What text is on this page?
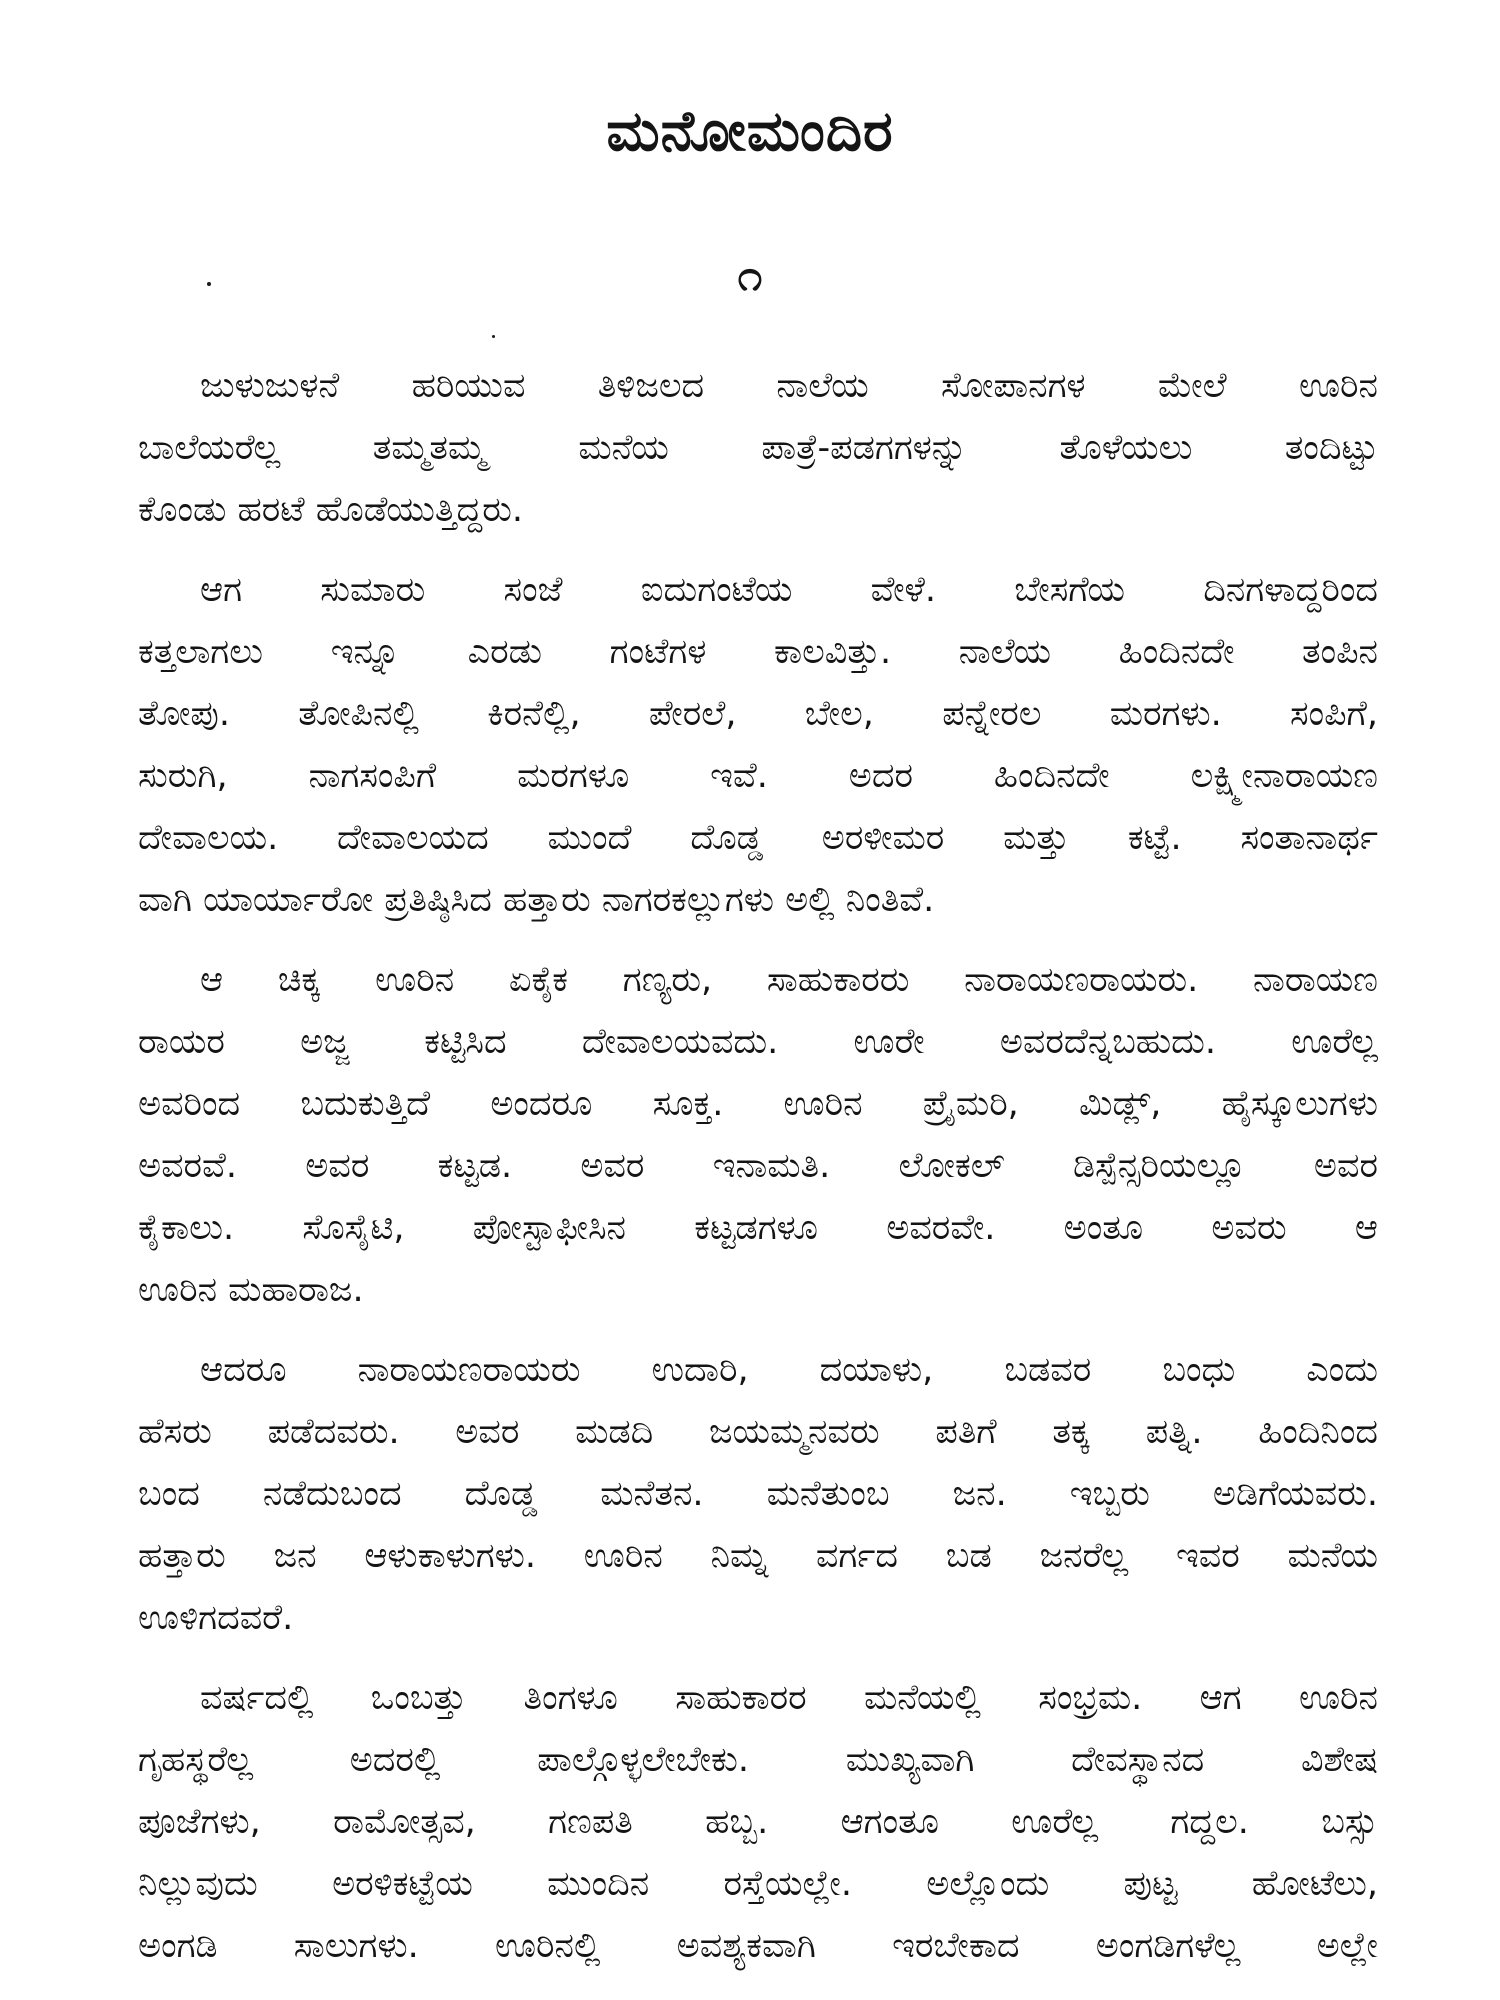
ಮನೋಮಂದಿರ
೧
ಜುಳುಜುಳನೆ ಹರಿಯುವ ತಿಳಿಜಲದ ನಾಲೆಯ ಸೋಪಾನಗಳ ಮೇಲೆ ಊರಿನ
ಬಾಲೆಯರೆಲ್ಲ ತಮ್ಮತಮ್ಮ ಮನೆಯ ಪಾತ್ರೆ-ಪಡಗಗಳನ್ನು ತೊಳೆಯಲು ತಂದಿಟ್ಟು
ಕೊಂಡು ಹರಟೆ ಹೊಡೆಯುತ್ತಿದ್ದರು.
ಆಗ ಸುಮಾರು ಸಂಜೆ ಐದುಗಂಟೆಯ ವೇಳೆ. ಬೇಸಗೆಯ ದಿನಗಳಾದ್ದರಿಂದ
ಕತ್ತಲಾಗಲು ಇನ್ನೂ ಎರಡು ಗಂಟೆಗಳ ಕಾಲವಿತ್ತು. ನಾಲೆಯ ಹಿಂದಿನದೇ ತಂಪಿನ
ತೋಪು. ತೋಪಿನಲ್ಲಿ ಕಿರನೆಲ್ಲಿ, ಪೇರಲೆ, ಬೇಲ, ಪನ್ನೇರಲ ಮರಗಳು. ಸಂಪಿಗೆ,
ಸುರುಗಿ, ನಾಗಸಂಪಿಗೆ ಮರಗಳೂ ಇವೆ. ಅದರ ಹಿಂದಿನದೇ ಲಕ್ಷ್ಮೀನಾರಾಯಣ
ದೇವಾಲಯ. ದೇವಾಲಯದ ಮುಂದೆ ದೊಡ್ಡ ಅರಳೀಮರ ಮತ್ತು ಕಟ್ಟೆ. ಸಂತಾನಾರ್ಥ
ವಾಗಿ ಯಾರ್ಯಾರೋ ಪ್ರತಿಷ್ಠಿಸಿದ ಹತ್ತಾರು ನಾಗರಕಲ್ಲುಗಳು ಅಲ್ಲಿ ನಿಂತಿವೆ.
ಆ ಚಿಕ್ಕ ಊರಿನ ಏಕೈಕ ಗಣ್ಯರು, ಸಾಹುಕಾರರು ನಾರಾಯಣರಾಯರು. ನಾರಾಯಣ
ರಾಯರ ಅಜ್ಜ ಕಟ್ಟಿಸಿದ ದೇವಾಲಯವದು. ಊರೇ ಅವರದೆನ್ನಬಹುದು. ಊರೆಲ್ಲ
ಅವರಿಂದ ಬದುಕುತ್ತಿದೆ ಅಂದರೂ ಸೂಕ್ತ. ಊರಿನ ಪ್ರೈಮರಿ, ಮಿಡ್ಲ್, ಹೈಸ್ಕೂಲುಗಳು
ಅವರವೆ. ಅವರ ಕಟ್ಟಡ. ಅವರ ಇನಾಮತಿ. ಲೋಕಲ್ ಡಿಸ್ಪೆನ್ಸರಿಯಲ್ಲೂ ಅವರ
ಕೈಕಾಲು. ಸೊಸೈಟಿ, ಪೋಸ್ಟಾಫೀಸಿನ ಕಟ್ಟಡಗಳೂ ಅವರವೇ. ಅಂತೂ ಅವರು ಆ
ಊರಿನ ಮಹಾರಾಜ.
ಆದರೂ ನಾರಾಯಣರಾಯರು ಉದಾರಿ, ದಯಾಳು, ಬಡವರ ಬಂಧು ಎಂದು
ಹೆಸರು ಪಡೆದವರು. ಅವರ ಮಡದಿ ಜಯಮ್ಮನವರು ಪತಿಗೆ ತಕ್ಕ ಪತ್ನಿ. ಹಿಂದಿನಿಂದ
ಬಂದ ನಡೆದುಬಂದ ದೊಡ್ಡ ಮನೆತನ. ಮನೆತುಂಬ ಜನ. ಇಬ್ಬರು ಅಡಿಗೆಯವರು.
ಹತ್ತಾರು ಜನ ಆಳುಕಾಳುಗಳು. ಊರಿನ ನಿಮ್ನ ವರ್ಗದ ಬಡ ಜನರೆಲ್ಲ ಇವರ ಮನೆಯ
ಊಳಿಗದವರೆ.
ವರ್ಷದಲ್ಲಿ ಒಂಬತ್ತು ತಿಂಗಳೂ ಸಾಹುಕಾರರ ಮನೆಯಲ್ಲಿ ಸಂಭ್ರಮ. ಆಗ ಊರಿನ
ಗೃಹಸ್ಥರೆಲ್ಲ ಅದರಲ್ಲಿ ಪಾಲ್ಗೊಳ್ಳಲೇಬೇಕು. ಮುಖ್ಯವಾಗಿ ದೇವಸ್ಥಾನದ ವಿಶೇಷ
ಪೂಜೆಗಳು, ರಾಮೋತ್ಸವ, ಗಣಪತಿ ಹಬ್ಬ. ಆಗಂತೂ ಊರೆಲ್ಲ ಗದ್ದಲ. ಬಸ್ಸು
ನಿಲ್ಲುವುದು ಅರಳಿಕಟ್ಟೆಯ ಮುಂದಿನ ರಸ್ತೆಯಲ್ಲೇ. ಅಲ್ಲೊಂದು ಪುಟ್ಟ ಹೋಟೆಲು,
ಅಂಗಡಿ ಸಾಲುಗಳು. ಊರಿನಲ್ಲಿ ಅವಶ್ಯಕವಾಗಿ ಇರಬೇಕಾದ ಅಂಗಡಿಗಳೆಲ್ಲ ಅಲ್ಲೇ
